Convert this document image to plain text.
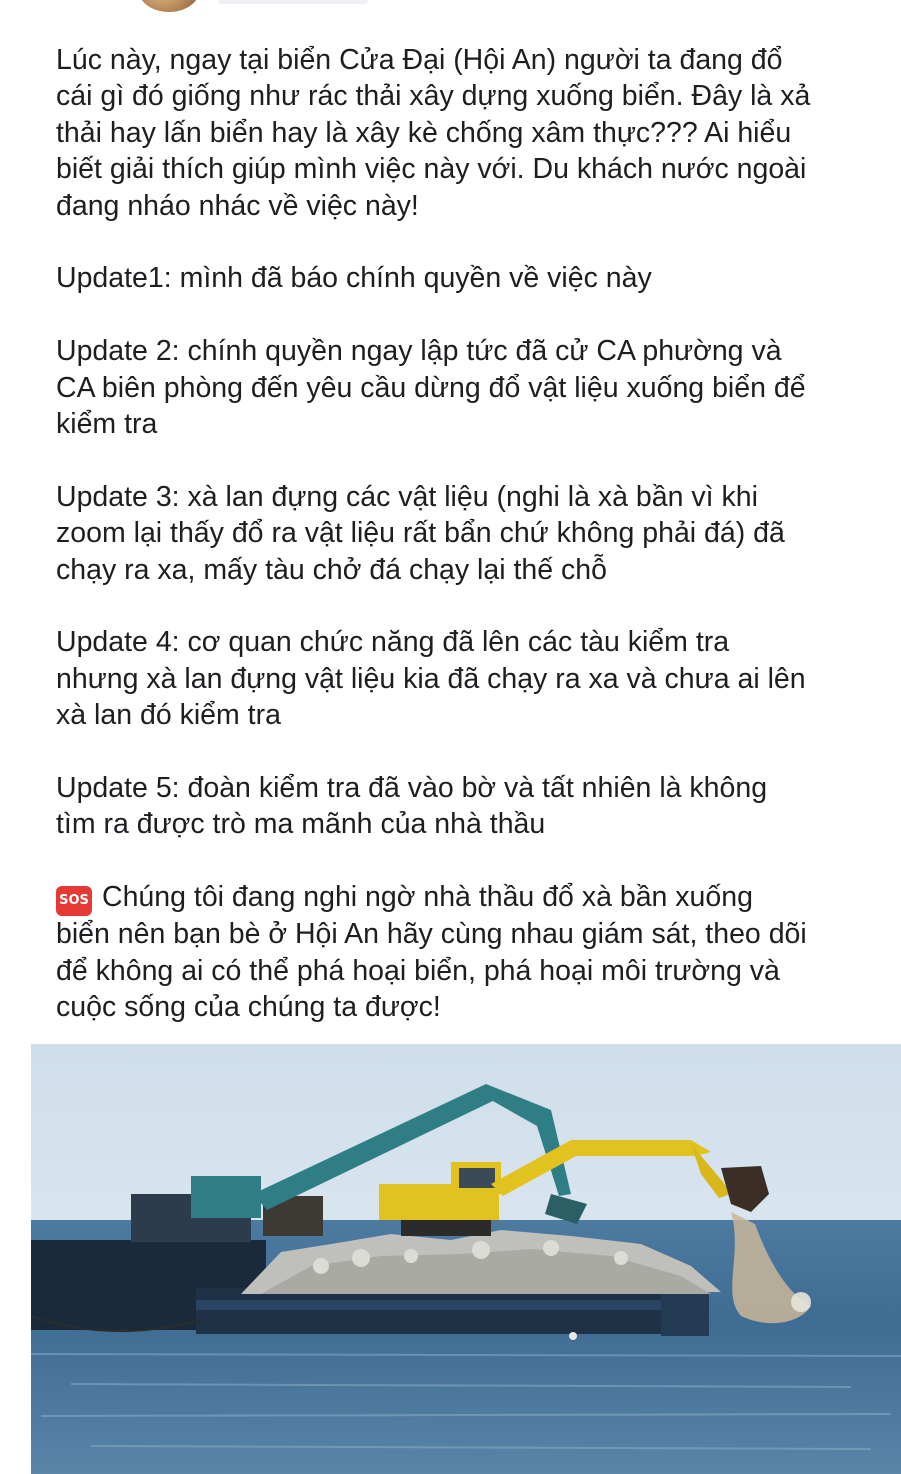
Lúc này, ngay tại biển Cửa Đại (Hội An) người ta đang đổ
cái gì đó giống như rác thải xây dựng xuống biển. Đây là xả
thải hay lấn biển hay là xây kè chống xâm thực??? Ai hiểu
biết giải thích giúp mình việc này với. Du khách nước ngoài
đang nháo nhác về việc này!

Update1: mình đã báo chính quyền về việc này

Update 2: chính quyền ngay lập tức đã cử CA phường và
CA biên phòng đến yêu cầu dừng đổ vật liệu xuống biển để
kiểm tra

Update 3: xà lan đựng các vật liệu (nghi là xà bần vì khi
zoom lại thấy đổ ra vật liệu rất bẩn chứ không phải đá) đã
chạy ra xa, mấy tàu chở đá chạy lại thế chỗ

Update 4: cơ quan chức năng đã lên các tàu kiểm tra
nhưng xà lan đựng vật liệu kia đã chạy ra xa và chưa ai lên
xà lan đó kiểm tra

Update 5: đoàn kiểm tra đã vào bờ và tất nhiên là không
tìm ra được trò ma mãnh của nhà thầu

SOS Chúng tôi đang nghi ngờ nhà thầu đổ xà bần xuống
biển nên bạn bè ở Hội An hãy cùng nhau giám sát, theo dõi
để không ai có thể phá hoại biển, phá hoại môi trường và
cuộc sống của chúng ta được!
